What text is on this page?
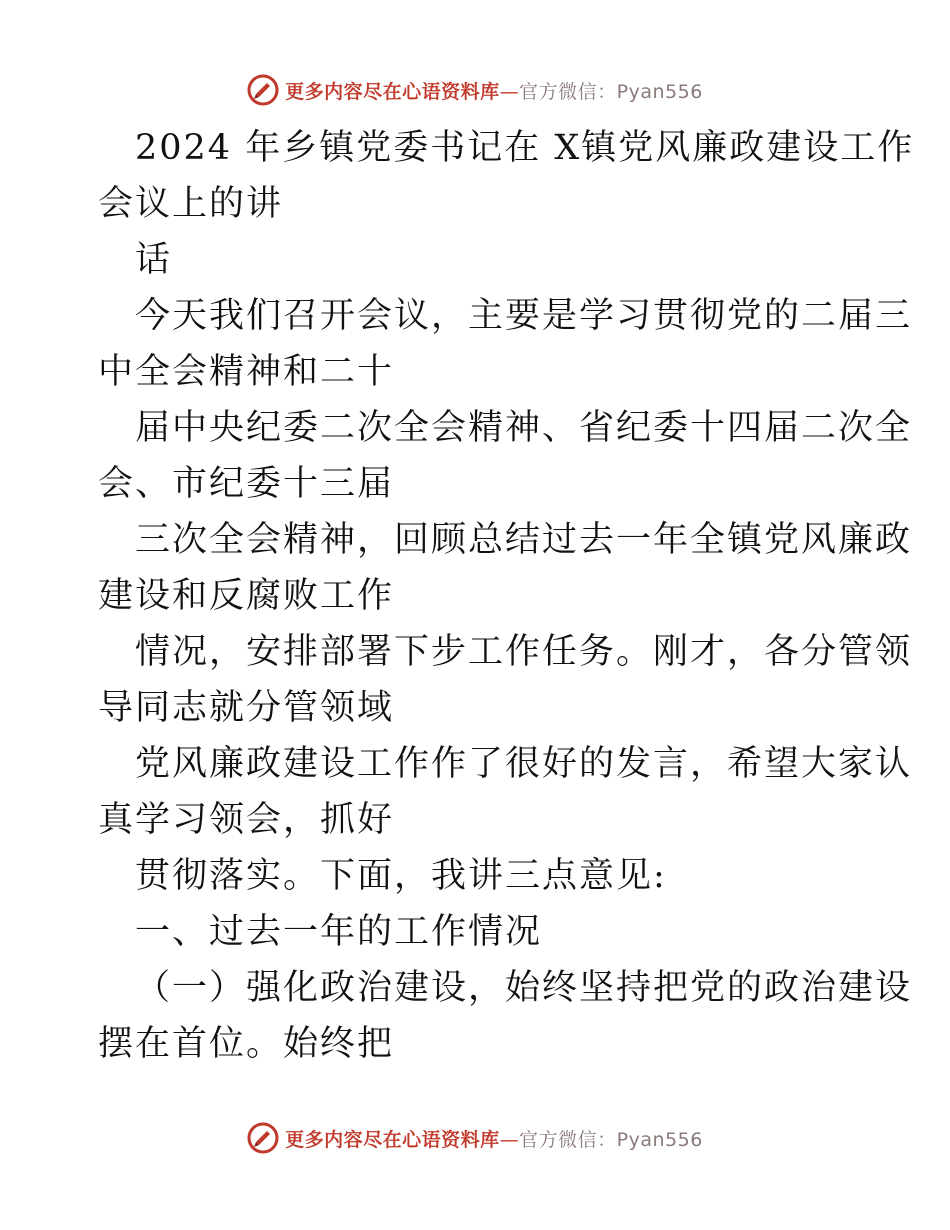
更多内容尽在心语资料库—官方微信：Pyan556
2024 年乡镇党委书记在 X镇党风廉政建设工作
会议上的讲
话
今天我们召开会议，主要是学习贯彻党的二届三
中全会精神和二十
届中央纪委二次全会精神、省纪委十四届二次全
会、市纪委十三届
三次全会精神，回顾总结过去一年全镇党风廉政
建设和反腐败工作
情况，安排部署下步工作任务。刚才，各分管领
导同志就分管领域
党风廉政建设工作作了很好的发言，希望大家认
真学习领会，抓好
贯彻落实。下面，我讲三点意见:
一、过去一年的工作情况
（一）强化政治建设，始终坚持把党的政治建设
摆在首位。始终把
更多内容尽在心语资料库—官方微信：Pyan556
